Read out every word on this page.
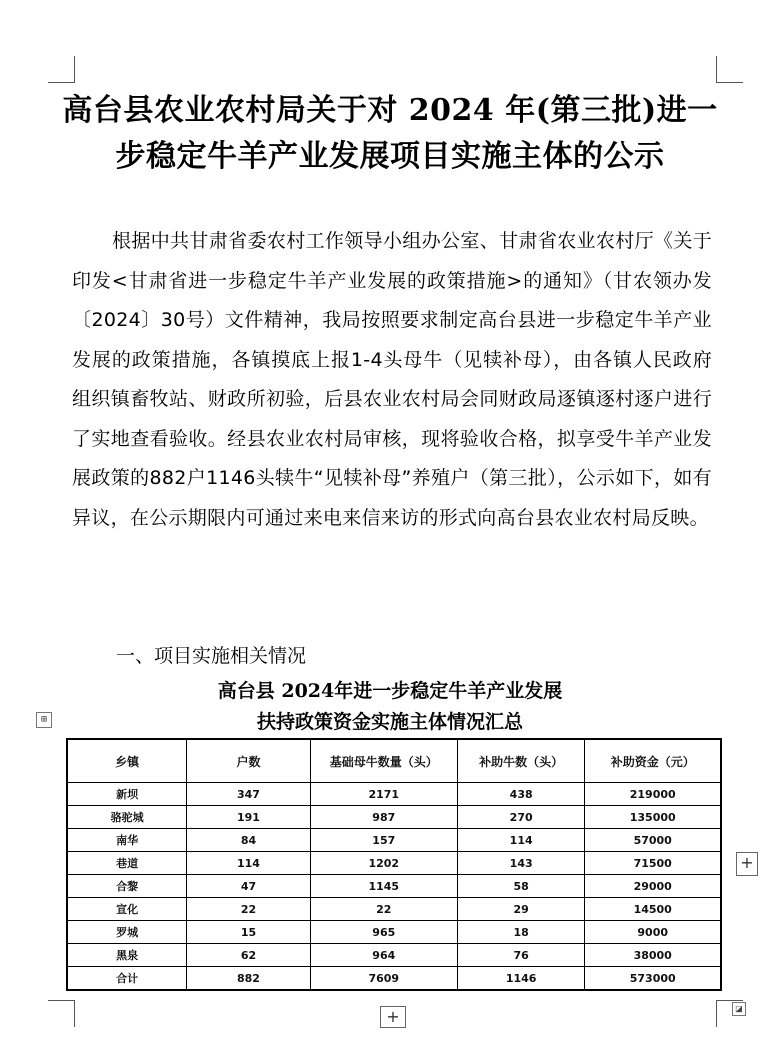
高台县农业农村局关于对 2024 年(第三批)进一
步稳定牛羊产业发展项目实施主体的公示
根据中共甘肃省委农村工作领导小组办公室、甘肃省农业农村厅《关于印发<甘肃省进一步稳定牛羊产业发展的政策措施>的通知》（甘农领办发〔2024〕30号）文件精神，我局按照要求制定高台县进一步稳定牛羊产业发展的政策措施，各镇摸底上报1-4头母牛（见犊补母），由各镇人民政府组织镇畜牧站、财政所初验，后县农业农村局会同财政局逐镇逐村逐户进行了实地查看验收。经县农业农村局审核，现将验收合格，拟享受牛羊产业发展政策的882户1146头犊牛“见犊补母”养殖户（第三批），公示如下，如有异议，在公示期限内可通过来电来信来访的形式向高台县农业农村局反映。
一、项目实施相关情况
高台县 2024年进一步稳定牛羊产业发展
扶持政策资金实施主体情况汇总
⊞
乡镇	户数	基础母牛数量（头）	补助牛数（头）	补助资金（元）
新坝	347	2171	438	219000
骆驼城	191	987	270	135000
南华	84	157	114	57000
巷道	114	1202	143	71500
合黎	47	1145	58	29000
宣化	22	22	29	14500
罗城	15	965	18	9000
黑泉	62	964	76	38000
合计	882	7609	1146	573000
+
+	◪
